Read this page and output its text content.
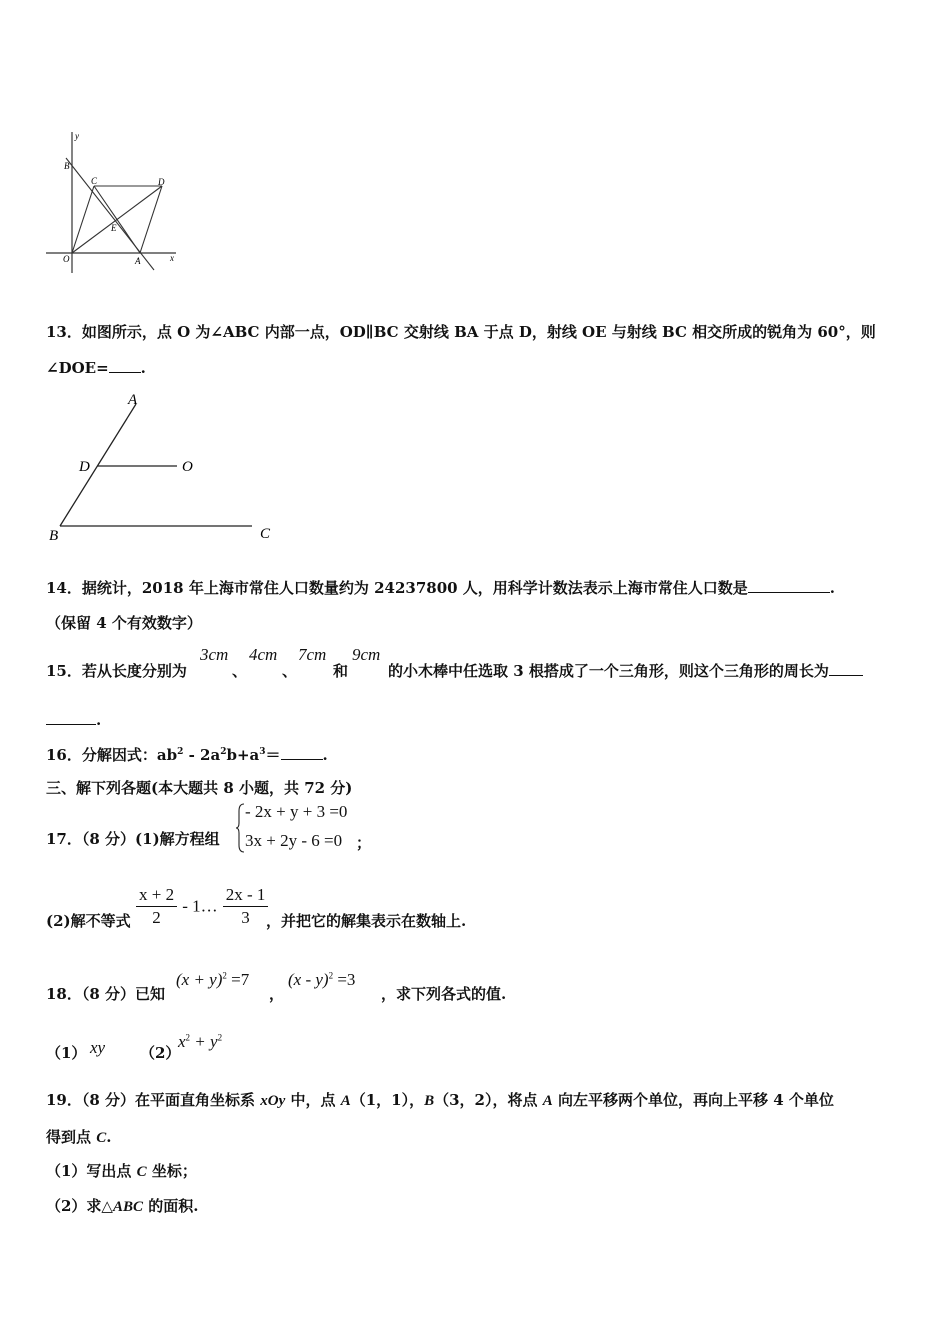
y
B
C	D
E
O	A	x
13．如图所示，点 O 为∠ABC 内部一点，OD∥BC 交射线 BA 于点 D，射线 OE 与射线 BC 相交所成的锐角为 60°，则
∠DOE= .
A
D	O
B	C
14．据统计，2018 年上海市常住人口数量约为 24237800 人，用科学计数法表示上海市常住人口数是	.
（保留 4 个有效数字）
15．若从长度分别为
3cm
、
4cm
、
7cm
和
9cm
的小木棒中任选取 3 根搭成了一个三角形，则这个三角形的周长为
.
16．分解因式：$ab^2 - 2a^2b+a^3=$	.
三、解下列各题(本大题共 8 小题，共 72 分)
17．（8 分）(1)解方程组
- 2x + y + 3 =0
3x + 2y - 6 =0 ；
(2)解不等式 $\frac{x + 2}{2}$ - 1… $\frac{2x - 1}{3}$
，并把它的解集表示在数轴上.
18．（8 分）已知
$(x + y)^2 =7$
，
(x - y)$^2$ =3
，求下列各式的值.
（1） xy （2）
$x^2 + y^2$
19．（8 分）在平面直角坐标系 xOy 中，点 A（1，1），B（3，2），将点 A 向左平移两个单位，再向上平移 4 个单位
得到点 C.
（1）写出点 C 坐标；
（2）求△ABC 的面积.
